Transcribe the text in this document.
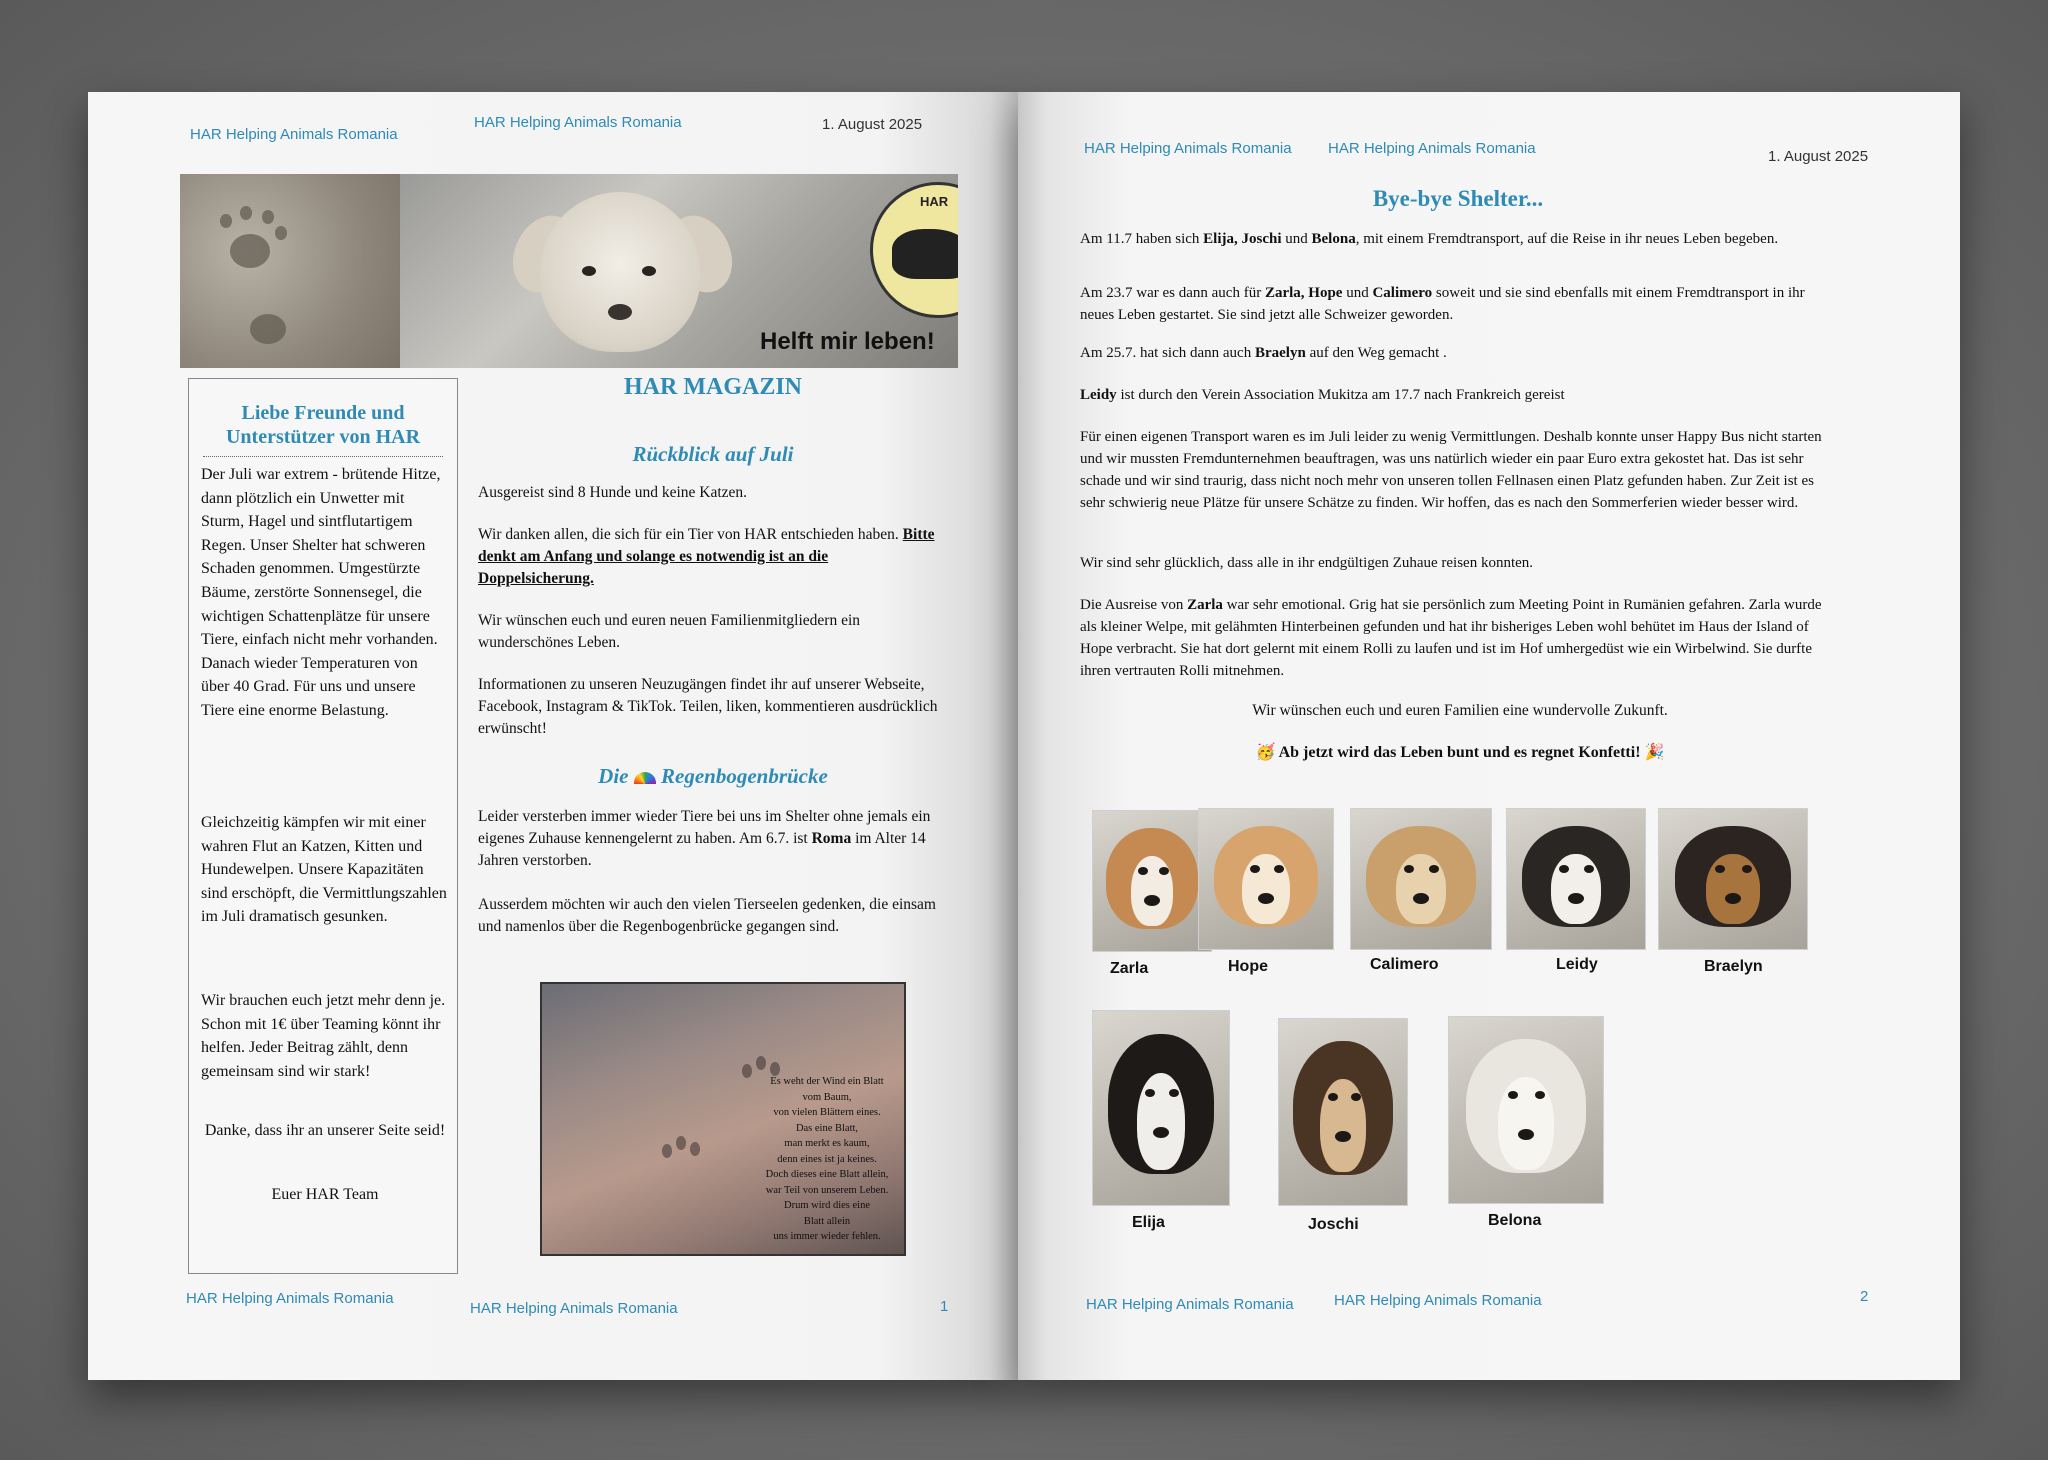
HAR Helping Animals Romania
HAR Helping Animals Romania	1. August 2025
HAR
Helft mir leben!
Liebe Freunde und Unterstützer von HAR
Der Juli war extrem - brütende Hitze, dann plötzlich ein Unwetter mit Sturm, Hagel und sintflutartigem Regen. Unser Shelter hat schweren Schaden genommen. Umgestürzte Bäume, zerstörte Sonnensegel, die wichtigen Schattenplätze für unsere Tiere, einfach nicht mehr vorhanden. Danach wieder Temperaturen von über 40 Grad. Für uns und unsere Tiere eine enorme Belastung.
Gleichzeitig kämpfen wir mit einer wahren Flut an Katzen, Kitten und Hundewelpen. Unsere Kapazitäten sind erschöpft, die Vermittlungszahlen im Juli dramatisch gesunken.
Wir brauchen euch jetzt mehr denn je. Schon mit 1€ über Teaming könnt ihr helfen. Jeder Beitrag zählt, denn gemeinsam sind wir stark!
Danke, dass ihr an unserer Seite seid!
Euer HAR Team
HAR MAGAZIN
Rückblick auf Juli
Ausgereist sind 8 Hunde und keine Katzen.
Wir danken allen, die sich für ein Tier von HAR entschieden haben. Bitte denkt am Anfang und solange es notwendig ist an die Doppelsicherung.
Wir wünschen euch und euren neuen Familienmitgliedern ein wunderschönes Leben.
Informationen zu unseren Neuzugängen findet ihr auf unserer Webseite, Facebook, Instagram & TikTok. Teilen, liken, kommentieren ausdrücklich erwünscht!
Die Regenbogenbrücke
Leider versterben immer wieder Tiere bei uns im Shelter ohne jemals ein eigenes Zuhause kennengelernt zu haben. Am 6.7. ist Roma im Alter 14 Jahren verstorben.
Ausserdem möchten wir auch den vielen Tierseelen gedenken, die einsam und namenlos über die Regenbogenbrücke gegangen sind.
Es weht der Wind ein Blatt
vom Baum,
von vielen Blättern eines.
Das eine Blatt,
man merkt es kaum,
denn eines ist ja keines.
Doch dieses eine Blatt allein,
war Teil von unserem Leben.
Drum wird dies eine
Blatt allein
uns immer wieder fehlen.
HAR Helping Animals Romania
HAR Helping Animals Romania	1
HAR Helping Animals Romania HAR Helping Animals Romania	1. August 2025
Bye-bye Shelter...
Am 11.7 haben sich Elija, Joschi und Belona, mit einem Fremdtransport, auf die Reise in ihr neues Leben begeben.
Am 23.7 war es dann auch für Zarla, Hope und Calimero soweit und sie sind ebenfalls mit einem Fremdtransport in ihr neues Leben gestartet. Sie sind jetzt alle Schweizer geworden.
Am 25.7. hat sich dann auch Braelyn auf den Weg gemacht .
Leidy ist durch den Verein Association Mukitza am 17.7 nach Frankreich gereist
Für einen eigenen Transport waren es im Juli leider zu wenig Vermittlungen. Deshalb konnte unser Happy Bus nicht starten und wir mussten Fremdunternehmen beauftragen, was uns natürlich wieder ein paar Euro extra gekostet hat. Das ist sehr schade und wir sind traurig, dass nicht noch mehr von unseren tollen Fellnasen einen Platz gefunden haben. Zur Zeit ist es sehr schwierig neue Plätze für unsere Schätze zu finden. Wir hoffen, das es nach den Sommerferien wieder besser wird.
Wir sind sehr glücklich, dass alle in ihr endgültigen Zuhaue reisen konnten.
Die Ausreise von Zarla war sehr emotional. Grig hat sie persönlich zum Meeting Point in Rumänien gefahren. Zarla wurde als kleiner Welpe, mit gelähmten Hinterbeinen gefunden und hat ihr bisheriges Leben wohl behütet im Haus der Island of Hope verbracht. Sie hat dort gelernt mit einem Rolli zu laufen und ist im Hof umhergedüst wie ein Wirbelwind. Sie durfte ihren vertrauten Rolli mitnehmen.
Wir wünschen euch und euren Familien eine wundervolle Zukunft.
🥳 Ab jetzt wird das Leben bunt und es regnet Konfetti! 🎉
Zarla	Hope	Calimero	Leidy	Braelyn
Elija	Joschi	Belona
HAR Helping Animals Romania	HAR Helping Animals Romania	2
